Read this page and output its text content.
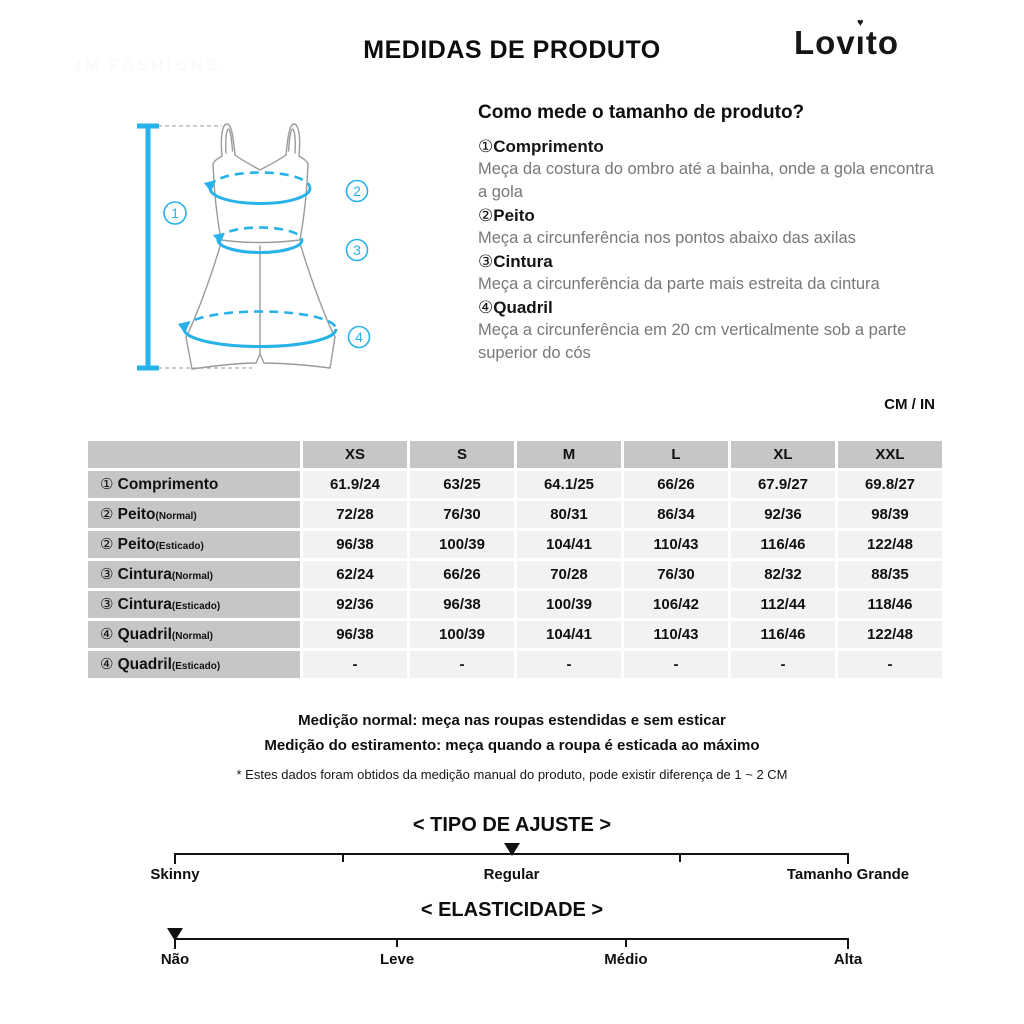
JM FASHIONS
MEDIDAS DE PRODUTO	Lovı ♥to
1
2
3
4
Como mede o tamanho de produto?
①Comprimento
Meça da costura do ombro até a bainha, onde a gola encontra a gola
②Peito
Meça a circunferência nos pontos abaixo das axilas
③Cintura
Meça a circunferência da parte mais estreita da cintura
④Quadril
Meça a circunferência em 20 cm verticalmente sob a parte superior do cós
CM / IN
	XS	S	M	L	XL	XXL
① Comprimento	61.9/24	63/25	64.1/25	66/26	67.9/27	69.8/27
② Peito(Normal)	72/28	76/30	80/31	86/34	92/36	98/39
② Peito(Esticado)	96/38	100/39	104/41	110/43	116/46	122/48
③ Cintura(Normal)	62/24	66/26	70/28	76/30	82/32	88/35
③ Cintura(Esticado)	92/36	96/38	100/39	106/42	112/44	118/46
④ Quadril(Normal)	96/38	100/39	104/41	110/43	116/46	122/48
④ Quadril(Esticado)	-	-	-	-	-	-
Medição normal: meça nas roupas estendidas e sem esticar
Medição do estiramento: meça quando a roupa é esticada ao máximo
* Estes dados foram obtidos da medição manual do produto, pode existir diferença de 1 ~ 2 CM
< TIPO DE AJUSTE >
Skinny	Regular	Tamanho Grande
< ELASTICIDADE >
Não	Leve	Médio	Alta
